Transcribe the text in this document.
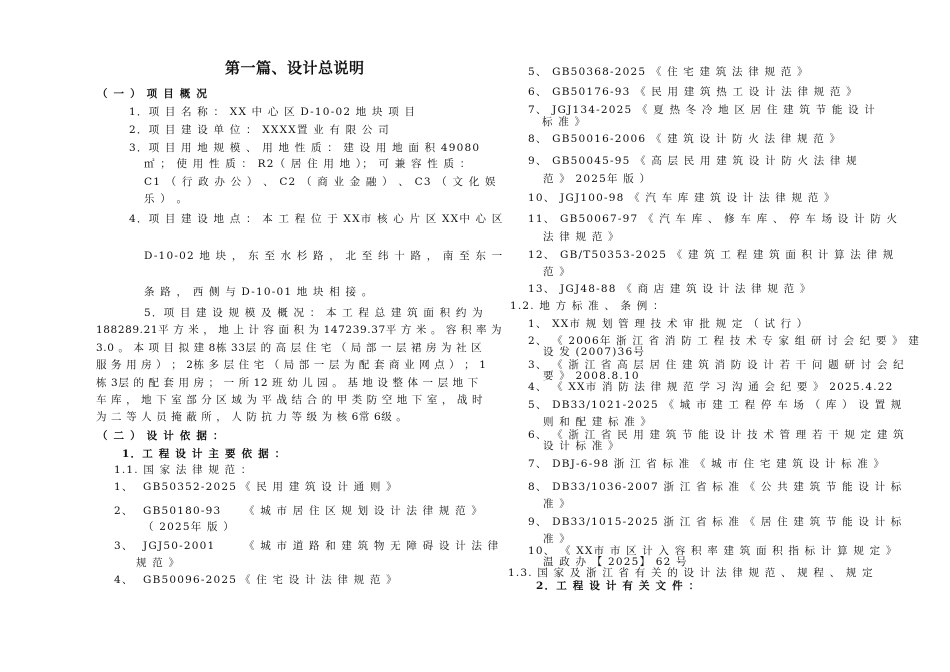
第一篇、设计总说明
（ 一 ） 项 目 概 况
1．项 目 名 称 ： XX 中 心 区 D-10-02 地 块 项 目
2．项 目 建 设 单 位 ： XXXX置 业 有 限 公 司
3．项 目 用 地 规 模 、 用 地 性 质 ： 建 设 用 地 面 积 49080
㎡ ； 使 用 性 质 ： R2（ 居 住 用 地 ）； 可 兼 容 性 质 ：
C1 （ 行 政 办 公 ） 、 C2 （ 商 业 金 融 ） 、 C3 （ 文 化 娱
乐 ） 。
4．项 目 建 设 地 点 ： 本 工 程 位 于 XX市 核 心 片 区 XX中 心 区
D-10-02 地 块 ， 东 至 水 杉 路 ， 北 至 纬 十 路 ， 南 至 东 一
条 路 ， 西 侧 与 D-10-01 地 块 相 接 。
5．项 目 建 设 规 模 及 概 况 ： 本 工 程 总 建 筑 面 积 约 为
188289.21平 方 米 ， 地 上 计 容 面 积 为 147239.37平 方 米 。 容 积 率 为
3.0 。 本 项 目 拟 建 8栋 33层 的 高 层 住 宅 （ 局 部 一 层 裙 房 为 社 区
服 务 用 房 ） ； 2栋 多 层 住 宅 （ 局 部 一 层 为 配 套 商 业 网 点 ） ； 1
栋 3层 的 配 套 用 房 ； 一 所 12 班 幼 儿 园 。 基 地 设 整 体 一 层 地 下
车 库 ， 地 下 室 部 分 区 域 为 平 战 结 合 的 甲 类 防 空 地 下 室 ， 战 时
为 二 等 人 员 掩 蔽 所 ， 人 防 抗 力 等 级 为 核 6常 6级 。
（ 二 ） 设 计 依 据 ：
1．工 程 设 计 主 要 依 据 ：
1.1. 国 家 法 律 规 范 ：
1、 GB50352-2025 《 民 用 建 筑 设 计 通 则 》
2、 GB50180-93 《 城 市 居 住 区 规 划 设 计 法 律 规 范 》
（ 2025年 版 ）
3、 JGJ50-2001	《 城 市 道 路 和 建 筑 物 无 障 碍 设 计 法 律
规 范 》
4、 GB50096-2025 《 住 宅 设 计 法 律 规 范 》
5、 GB50368-2025 《 住 宅 建 筑 法 律 规 范 》
6、 GB50176-93 《 民 用 建 筑 热 工 设 计 法 律 规 范 》
7、 JGJ134-2025 《 夏 热 冬 冷 地 区 居 住 建 筑 节 能 设 计
标 准 》
8、 GB50016-2006 《 建 筑 设 计 防 火 法 律 规 范 》
9、 GB50045-95 《 高 层 民 用 建 筑 设 计 防 火 法 律 规
范 》 2025年 版 ）
10、 JGJ100-98 《 汽 车 库 建 筑 设 计 法 律 规 范 》
11、 GB50067-97 《 汽 车 库 、 修 车 库 、 停 车 场 设 计 防 火
法 律 规 范 》
12、 GB/T50353-2025 《 建 筑 工 程 建 筑 面 积 计 算 法 律 规
范 》
13、 JGJ48-88 《 商 店 建 筑 设 计 法 律 规 范 》
1.2. 地 方 标 准 、 条 例 ：
1、 XX市 规 划 管 理 技 术 审 批 规 定 （ 试 行 ）
2、 《 2006年 浙 江 省 消 防 工 程 技 术 专 家 组 研 讨 会 纪 要 》 建
设 发 (2007)36号
3、 《 浙 江 省 高 层 居 住 建 筑 消 防 设 计 若 干 问 题 研 讨 会 纪
要 》 2008.8.10
4、 《 XX市 消 防 法 律 规 范 学 习 沟 通 会 纪 要 》 2025.4.22
5、 DB33/1021-2025 《 城 市 建 工 程 停 车 场 （ 库 ） 设 置 规
则 和 配 建 标 准 》
6、 《 浙 江 省 民 用 建 筑 节 能 设 计 技 术 管 理 若 干 规 定 建 筑
设 计 标 准 》
7、 DBJ-6-98 浙 江 省 标 准 《 城 市 住 宅 建 筑 设 计 标 准 》
8、 DB33/1036-2007 浙 江 省 标 准 《 公 共 建 筑 节 能 设 计 标
准 》
9、 DB33/1015-2025 浙 江 省 标 准 《 居 住 建 筑 节 能 设 计 标
准 》
10、 《 XX市 市 区 计 入 容 积 率 建 筑 面 积 指 标 计 算 规 定 》
温 政 办 【 2025】 62 号
1.3. 国 家 及 浙 江 省 有 关 的 设 计 法 律 规 范 、 规 程 、 规 定
2．工 程 设 计 有 关 文 件 ：
